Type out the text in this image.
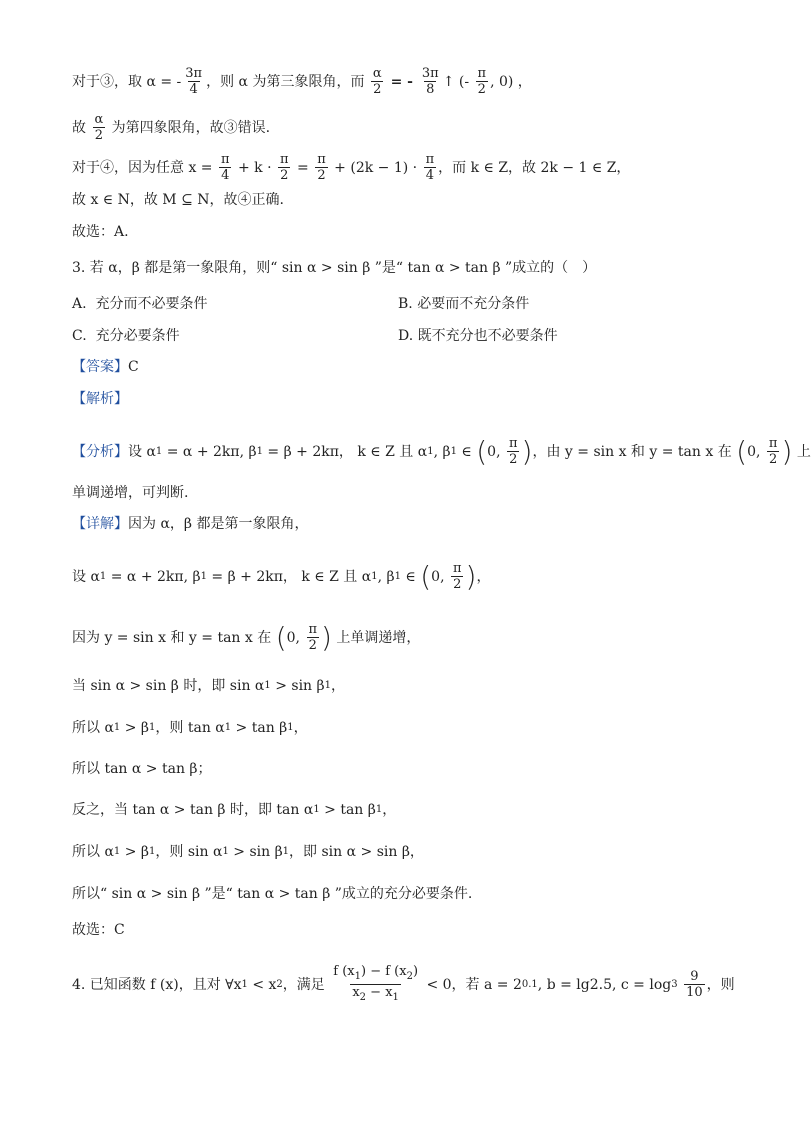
对于③，取 α = - $\frac{3\pi}{4}$ ，则 α 为第三象限角，而 $\frac{\alpha}{2}$ = - $\frac{3\pi}{8}$ ↑ (- $\frac{\pi}{2}$ , 0) ，
故 $\frac{\alpha}{2}$ 为第四象限角，故③错误.
对于④，因为任意 $x = \frac{\pi}{4} + k \cdot \frac{\pi}{2} = \frac{\pi}{2} + (2k - 1) \cdot \frac{\pi}{4}$ ，而 k ∈ Z，故 2k − 1 ∈ Z，
故 x ∈ N，故 M ⊆ N，故④正确.
故选：A.
3. 若 α，β 都是第一象限角，则“ sin α > sin β ”是“ tan α > tan β ”成立的（　）
A.  充分而不必要条件	B. 必要而不充分条件
C.  充分必要条件	D. 既不充分也不必要条件
【答案】 C
【解析】
【分析】 设 α 1 = α + 2kπ, β 1 = β + 2kπ， k ∈ Z 且 α 1 , β 1 ∈ ( 0, $\frac{\pi}{2}$ ) ，由 y = sin x 和 y = tan x 在 ( 0, $\frac{\pi}{2}$ ) 上
单调递增，可判断.
【详解】 因为 α，β 都是第一象限角，
设 α 1 = α + 2kπ, β 1 = β + 2kπ， k ∈ Z 且 α 1 , β 1 ∈ ( 0, $\frac{\pi}{2}$ ) ，
因为 y = sin x 和 y = tan x 在 ( 0, $\frac{\pi}{2}$ ) 上单调递增，
当 sin α > sin β 时，即 sin α 1 > sin β 1 ，
所以 α 1 > β 1 ，则 tan α 1 > tan β 1 ，
所以 tan α > tan β；
反之，当 tan α > tan β 时，即 tan α 1 > tan β 1 ，
所以 α 1 > β 1 ，则 sin α 1 > sin β 1 ，即 sin α > sin β，
所以“ sin α > sin β ”是“ tan α > tan β ”成立的充分必要条件.
故选：C
4. 已知函数 f (x)，且对 ∀x 1 < x 2 ，满足 $\frac{f (x_1) - f (x_2)}{x_2 - x_1} < 0$，若 a = 2 0.1 , b = lg2.5, c = log 3
$\frac{9}{10}$ ，则
